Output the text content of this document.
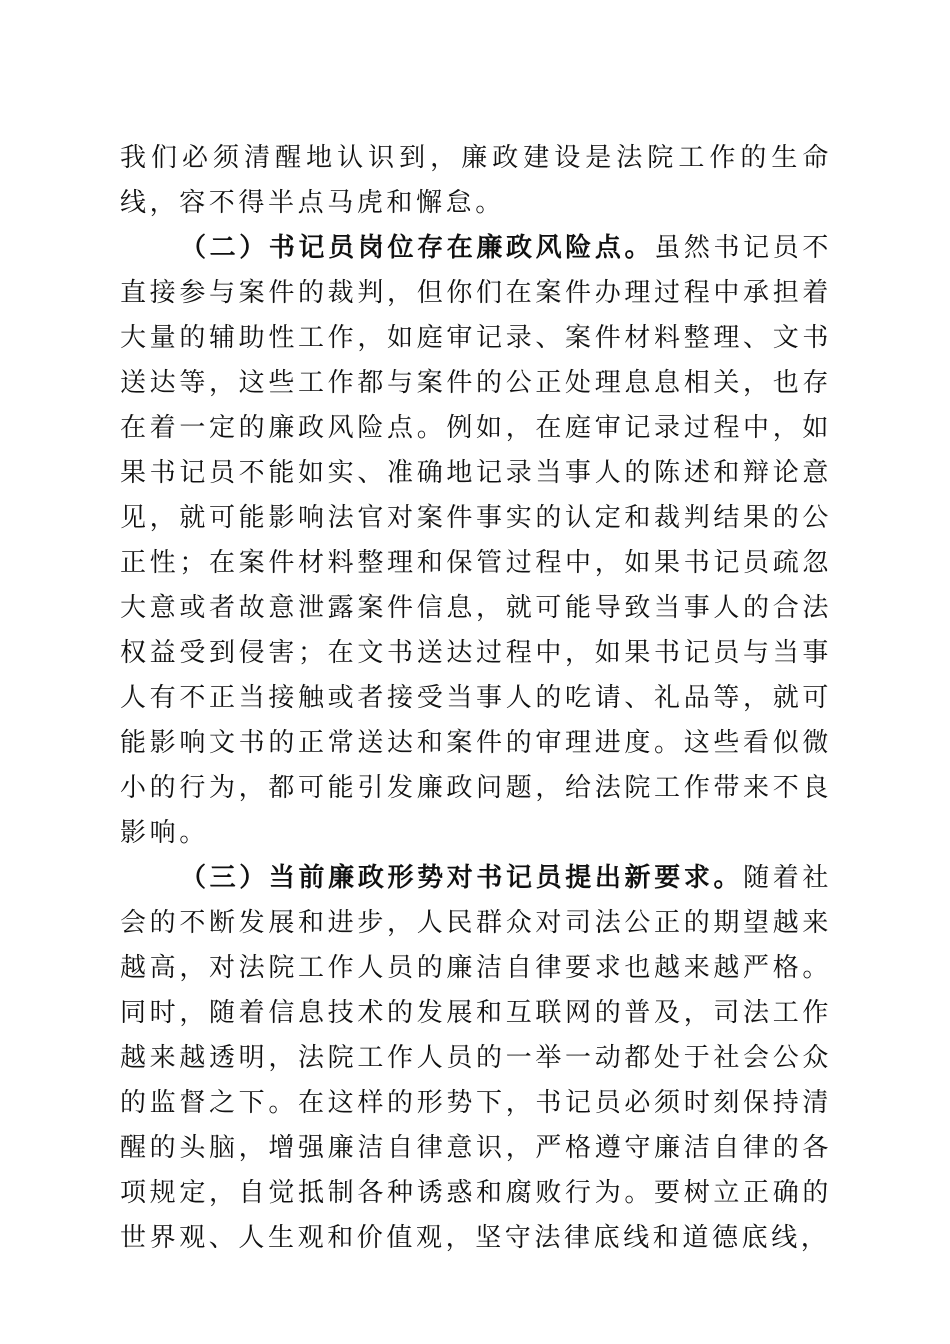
我们必须清醒地认识到，廉政建设是法院工作的生命线，容不得半点马虎和懈怠。

（二）书记员岗位存在廉政风险点。虽然书记员不直接参与案件的裁判，但你们在案件办理过程中承担着大量的辅助性工作，如庭审记录、案件材料整理、文书送达等，这些工作都与案件的公正处理息息相关，也存在着一定的廉政风险点。例如，在庭审记录过程中，如果书记员不能如实、准确地记录当事人的陈述和辩论意见，就可能影响法官对案件事实的认定和裁判结果的公正性；在案件材料整理和保管过程中，如果书记员疏忽大意或者故意泄露案件信息，就可能导致当事人的合法权益受到侵害；在文书送达过程中，如果书记员与当事人有不正当接触或者接受当事人的吃请、礼品等，就可能影响文书的正常送达和案件的审理进度。这些看似微小的行为，都可能引发廉政问题，给法院工作带来不良影响。

（三）当前廉政形势对书记员提出新要求。随着社会的不断发展和进步，人民群众对司法公正的期望越来越高，对法院工作人员的廉洁自律要求也越来越严格。同时，随着信息技术的发展和互联网的普及，司法工作越来越透明，法院工作人员的一举一动都处于社会公众的监督之下。在这样的形势下，书记员必须时刻保持清醒的头脑，增强廉洁自律意识，严格遵守廉洁自律的各项规定，自觉抵制各种诱惑和腐败行为。要树立正确的世界观、人生观和价值观，坚守法律底线和道德底线，
